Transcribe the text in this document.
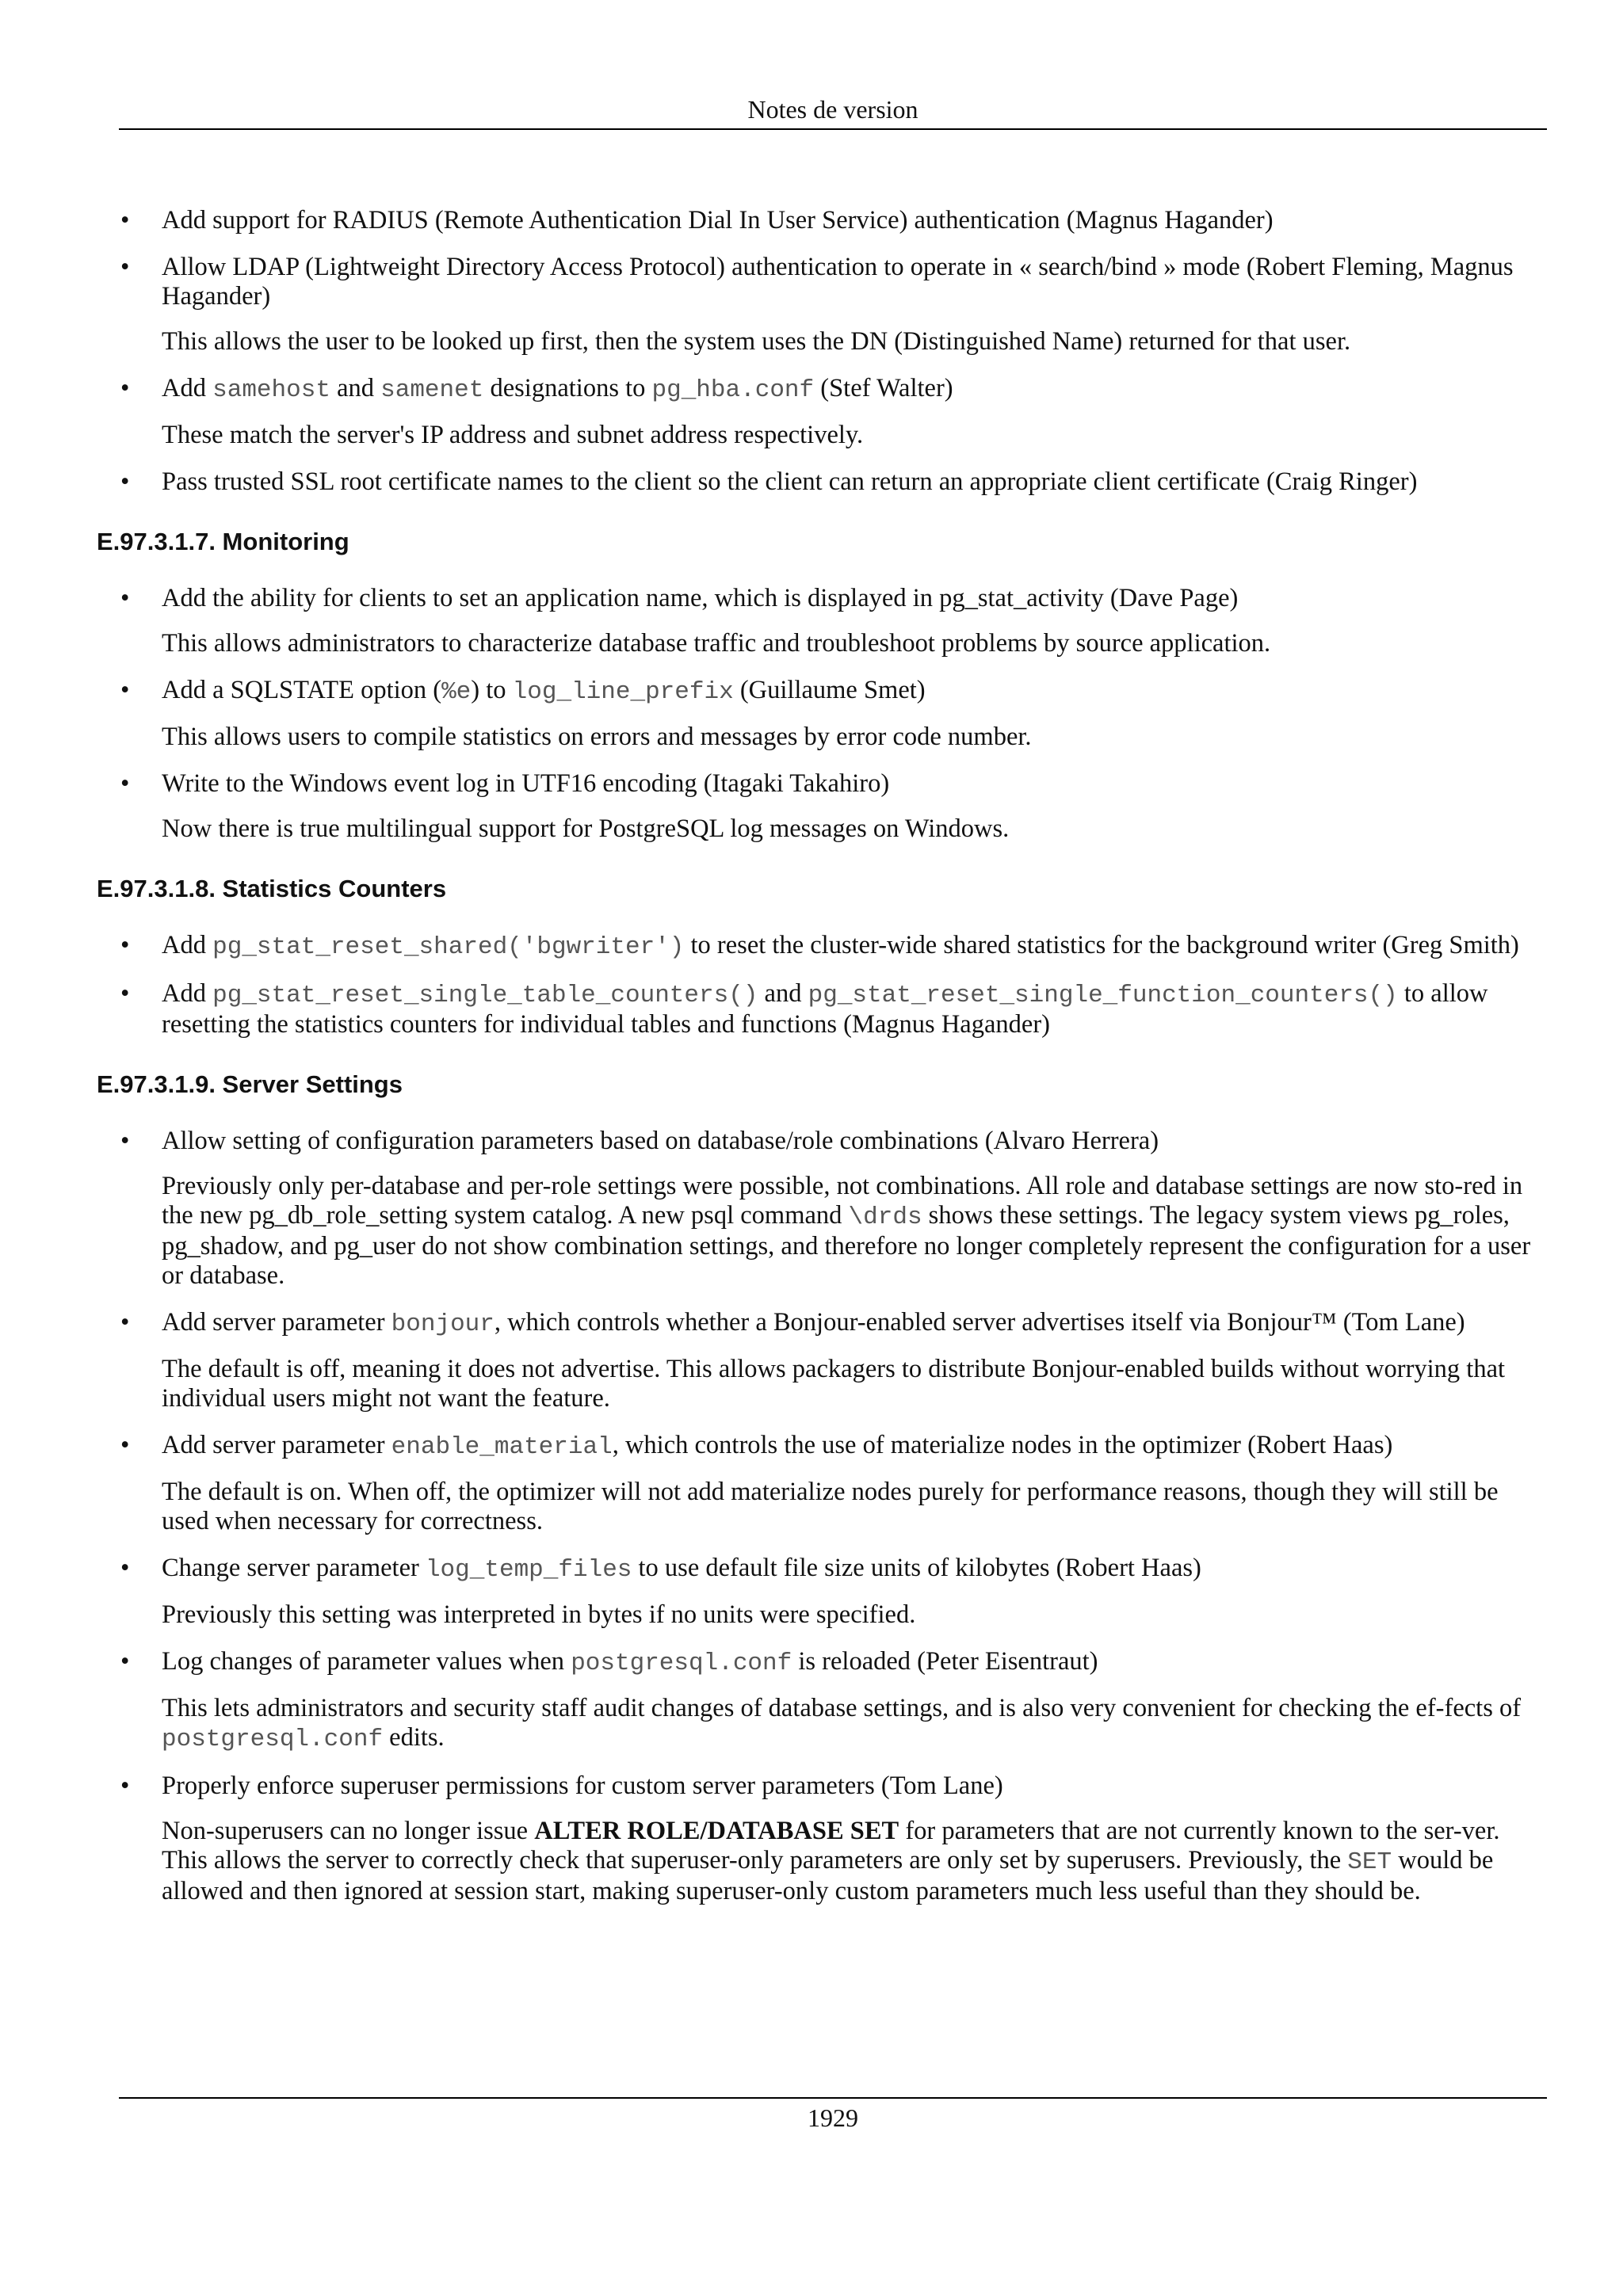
Notes de version
• Add support for RADIUS (Remote Authentication Dial In User Service) authentication (Magnus Hagander)
• Allow LDAP (Lightweight Directory Access Protocol) authentication to operate in « search/bind » mode (Robert Fleming, Magnus Hagander)
This allows the user to be looked up first, then the system uses the DN (Distinguished Name) returned for that user.
• Add samehost and samenet designations to pg_hba.conf (Stef Walter)
These match the server's IP address and subnet address respectively.
• Pass trusted SSL root certificate names to the client so the client can return an appropriate client certificate (Craig Ringer)
E.97.3.1.7. Monitoring
• Add the ability for clients to set an application name, which is displayed in pg_stat_activity (Dave Page)
This allows administrators to characterize database traffic and troubleshoot problems by source application.
• Add a SQLSTATE option (%e) to log_line_prefix (Guillaume Smet)
This allows users to compile statistics on errors and messages by error code number.
• Write to the Windows event log in UTF16 encoding (Itagaki Takahiro)
Now there is true multilingual support for PostgreSQL log messages on Windows.
E.97.3.1.8. Statistics Counters
• Add pg_stat_reset_shared('bgwriter') to reset the cluster-wide shared statistics for the background writer (Greg Smith)
• Add pg_stat_reset_single_table_counters() and pg_stat_reset_single_function_counters() to allow resetting the statistics counters for individual tables and functions (Magnus Hagander)
E.97.3.1.9. Server Settings
• Allow setting of configuration parameters based on database/role combinations (Alvaro Herrera)
Previously only per-database and per-role settings were possible, not combinations. All role and database settings are now sto-red in the new pg_db_role_setting system catalog. A new psql command \drds shows these settings. The legacy system views pg_roles, pg_shadow, and pg_user do not show combination settings, and therefore no longer completely represent the configuration for a user or database.
• Add server parameter bonjour, which controls whether a Bonjour-enabled server advertises itself via Bonjour™ (Tom Lane)
The default is off, meaning it does not advertise. This allows packagers to distribute Bonjour-enabled builds without worrying that individual users might not want the feature.
• Add server parameter enable_material, which controls the use of materialize nodes in the optimizer (Robert Haas)
The default is on. When off, the optimizer will not add materialize nodes purely for performance reasons, though they will still be used when necessary for correctness.
• Change server parameter log_temp_files to use default file size units of kilobytes (Robert Haas)
Previously this setting was interpreted in bytes if no units were specified.
• Log changes of parameter values when postgresql.conf is reloaded (Peter Eisentraut)
This lets administrators and security staff audit changes of database settings, and is also very convenient for checking the ef-fects of postgresql.conf edits.
• Properly enforce superuser permissions for custom server parameters (Tom Lane)
Non-superusers can no longer issue ALTER ROLE/DATABASE SET for parameters that are not currently known to the ser-ver. This allows the server to correctly check that superuser-only parameters are only set by superusers. Previously, the SET would be allowed and then ignored at session start, making superuser-only custom parameters much less useful than they should be.
1929
